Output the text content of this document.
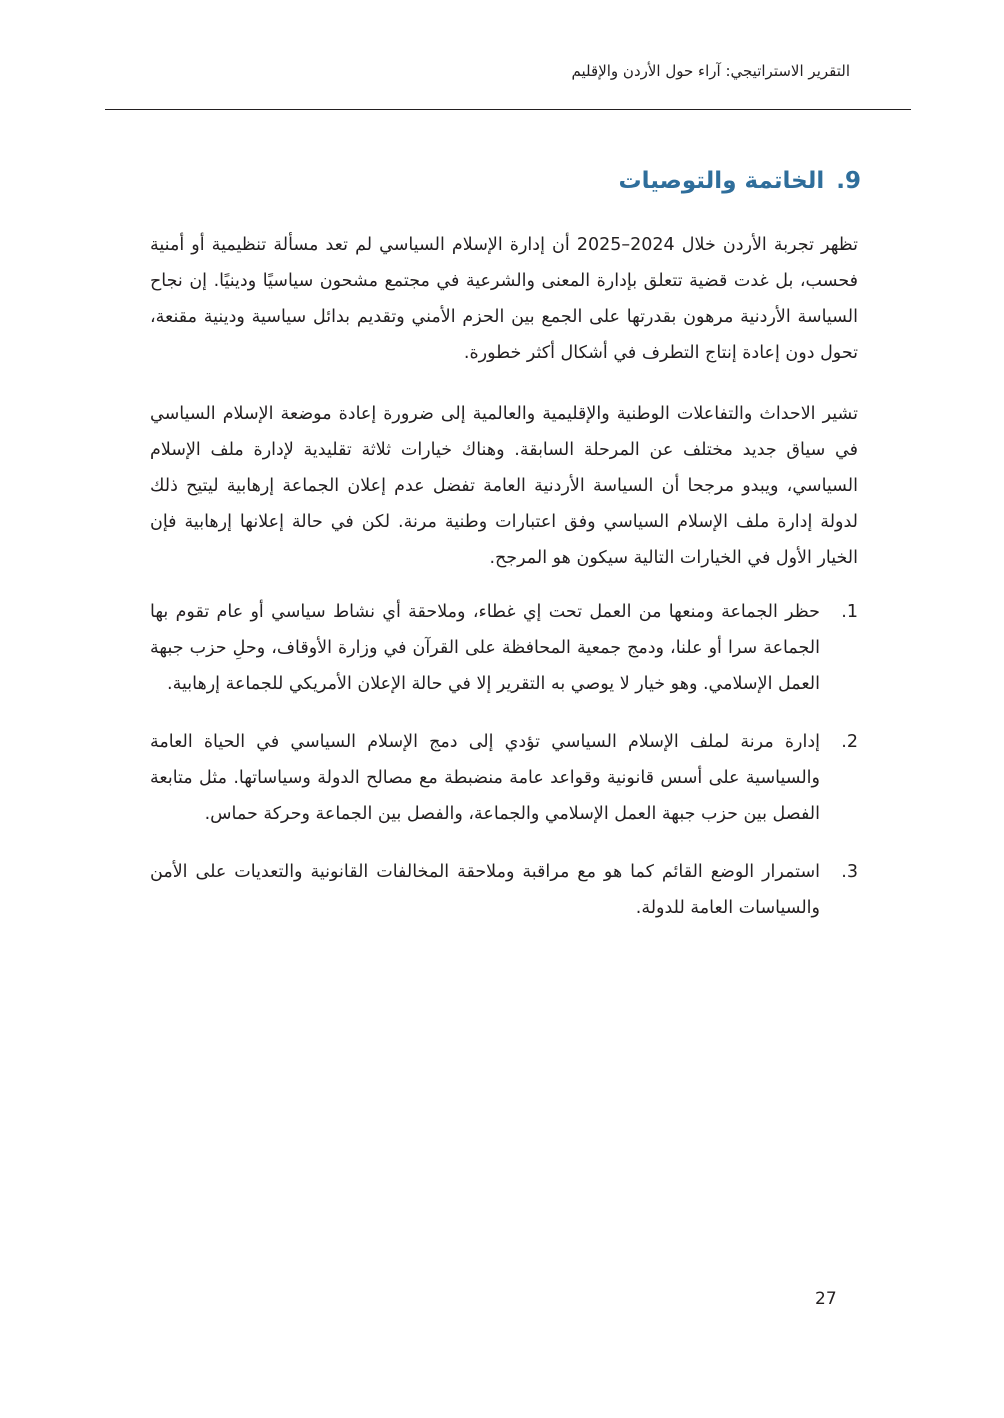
التقرير الاستراتيجي: آراء حول الأردن والإقليم
9.الخاتمة والتوصيات

تظهر تجربة الأردن خلال 2024–2025 أن إدارة الإسلام السياسي لم تعد مسألة تنظيمية أو أمنية فحسب، بل غدت قضية تتعلق بإدارة المعنى والشرعية في مجتمع مشحون سياسيًا ودينيًا. إن نجاح السياسة الأردنية مرهون بقدرتها على الجمع بين الحزم الأمني وتقديم بدائل سياسية ودينية مقنعة، تحول دون إعادة إنتاج التطرف في أشكال أكثر خطورة.

تشير الاحداث والتفاعلات الوطنية والإقليمية والعالمية إلى ضرورة إعادة موضعة الإسلام السياسي في سياق جديد مختلف عن المرحلة السابقة. وهناك خيارات ثلاثة تقليدية لإدارة ملف الإسلام السياسي، ويبدو مرجحا أن السياسة الأردنية العامة تفضل عدم إعلان الجماعة إرهابية ليتيح ذلك لدولة إدارة ملف الإسلام السياسي وفق اعتبارات وطنية مرنة. لكن في حالة إعلانها إرهابية فإن الخيار الأول في الخيارات التالية سيكون هو المرجح.

1.
حظر الجماعة ومنعها من العمل تحت إي غطاء، وملاحقة أي نشاط سياسي أو عام تقوم بها الجماعة سرا أو علنا، ودمج جمعية المحافظة على القرآن في وزارة الأوقاف، وحلِ حزب جبهة العمل الإسلامي. وهو خيار لا يوصي به التقرير إلا في حالة الإعلان الأمريكي للجماعة إرهابية.
2.
إدارة مرنة لملف الإسلام السياسي تؤدي إلى دمج الإسلام السياسي في الحياة العامة والسياسية على أسس قانونية وقواعد عامة منضبطة مع مصالح الدولة وسياساتها. مثل متابعة الفصل بين حزب جبهة العمل الإسلامي والجماعة، والفصل بين الجماعة وحركة حماس.
3.
استمرار الوضع القائم كما هو مع مراقبة وملاحقة المخالفات القانونية والتعديات على الأمن والسياسات العامة للدولة.
27
